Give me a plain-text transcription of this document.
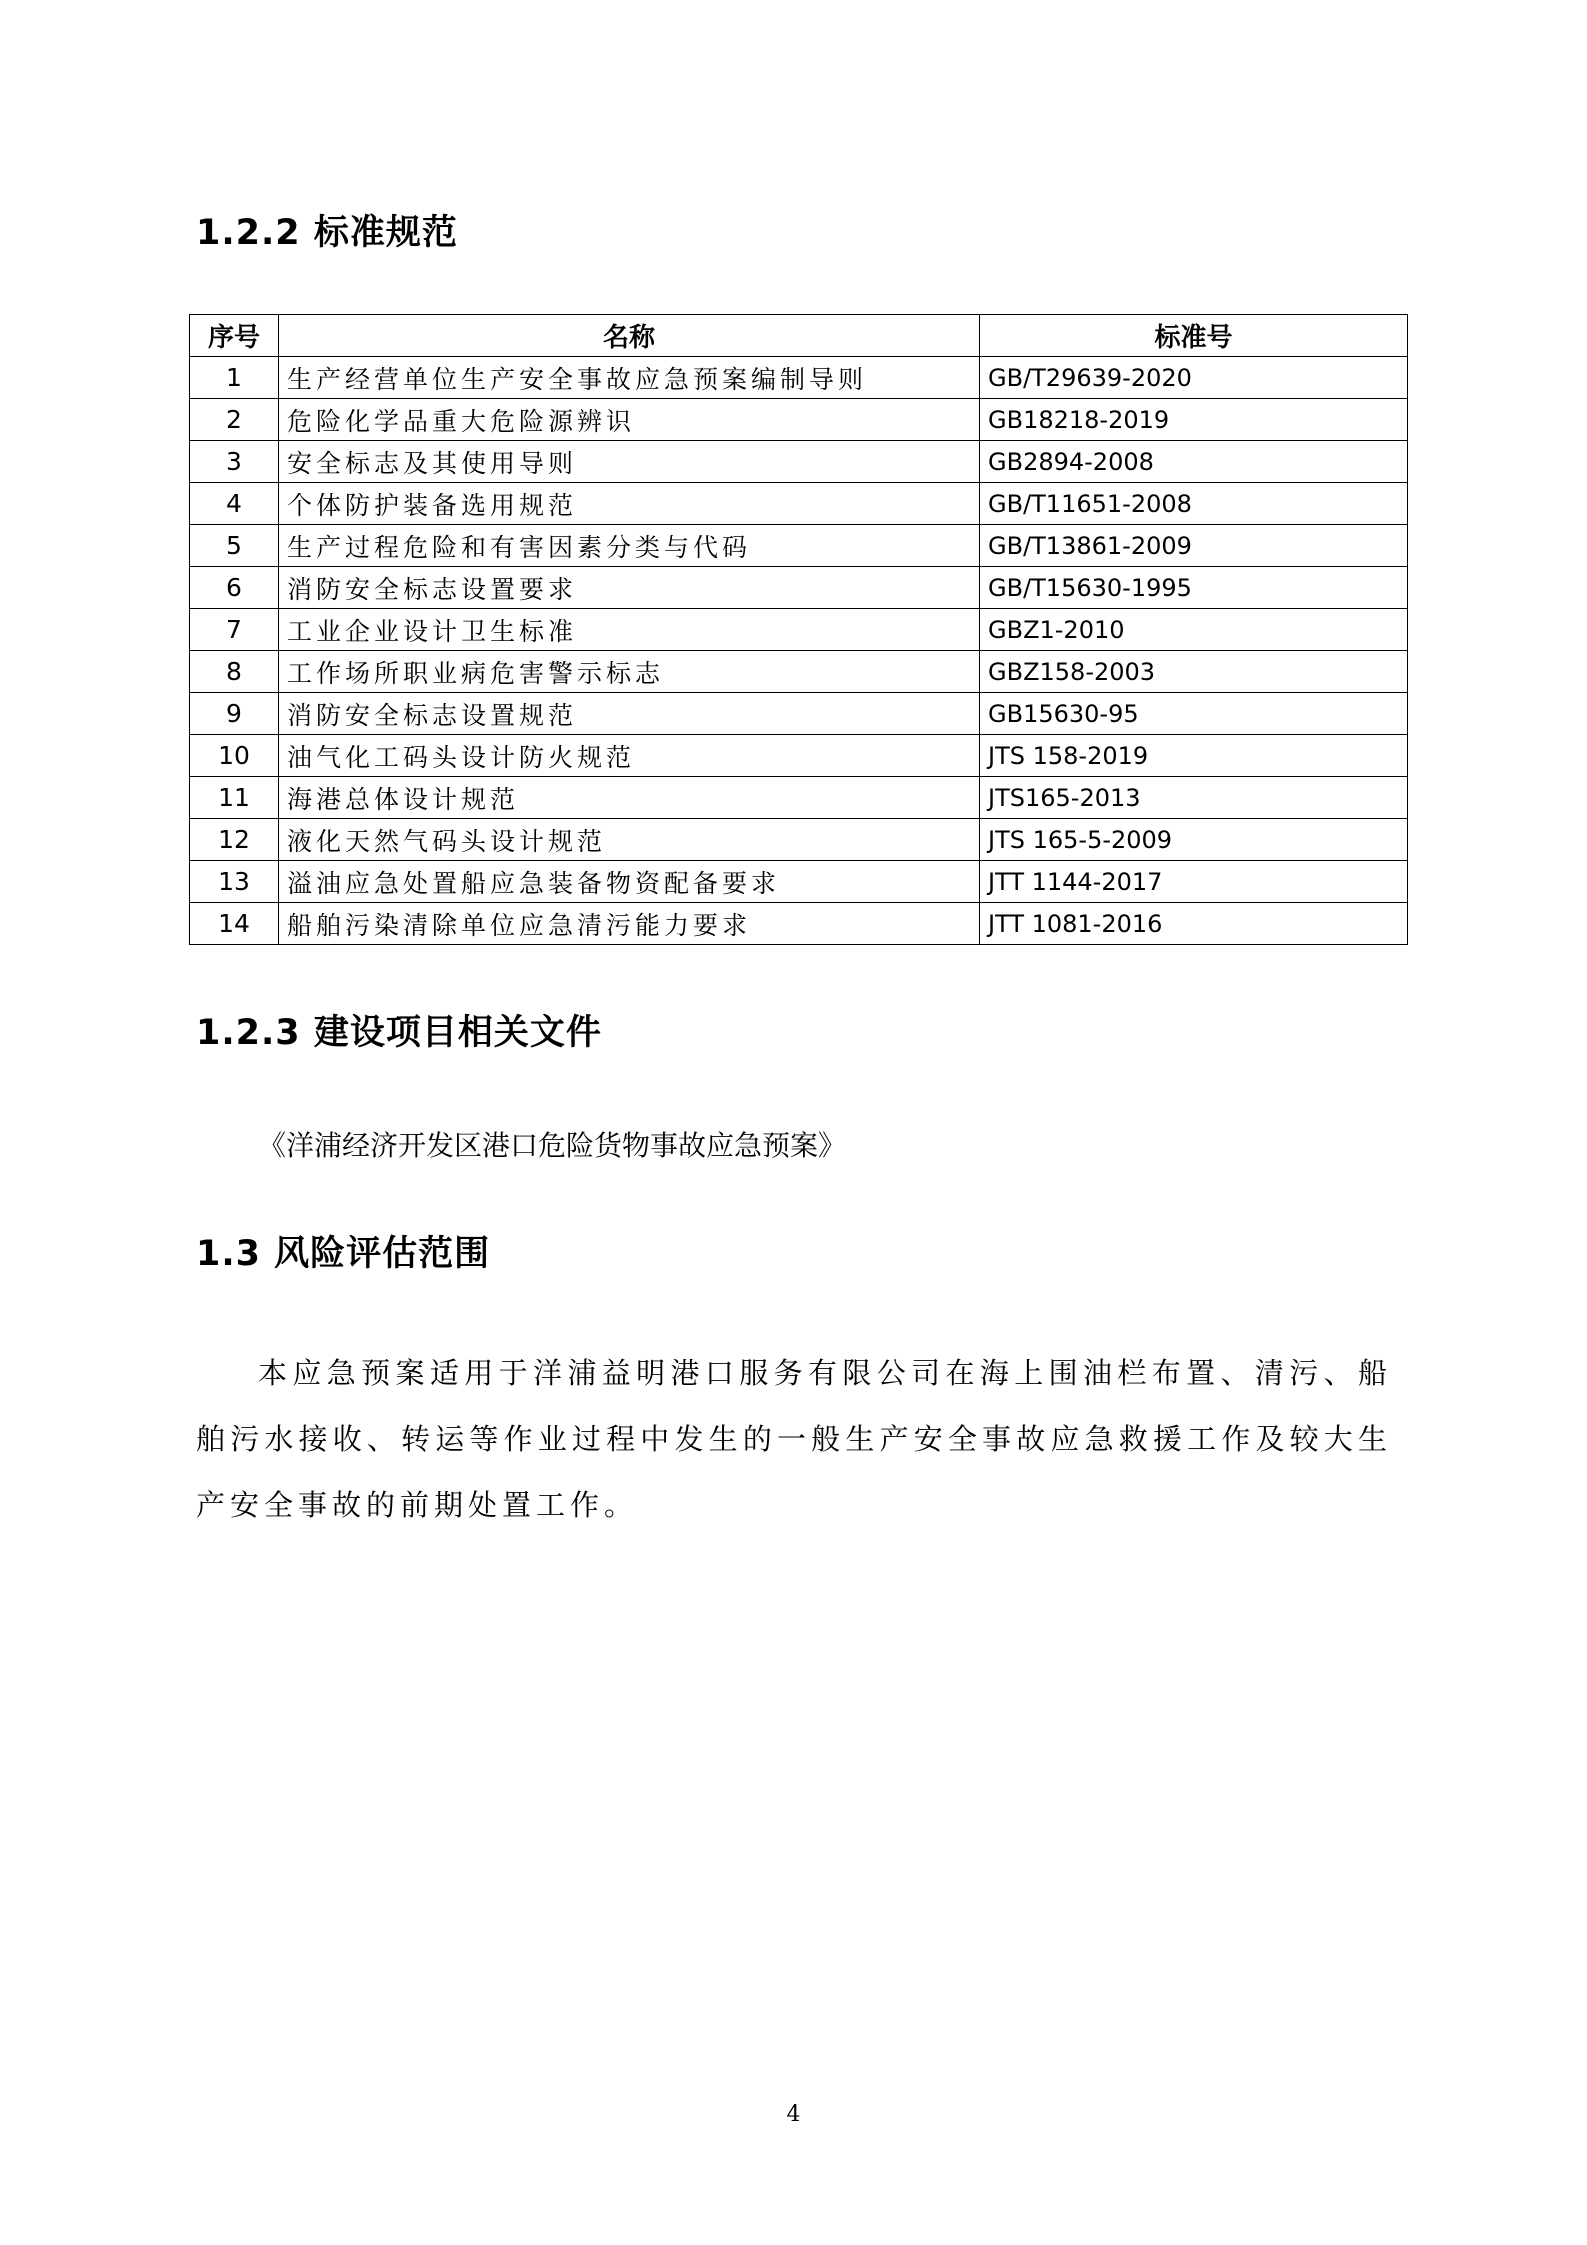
1.2.2 标准规范
序号	名称	标准号
1	生产经营单位生产安全事故应急预案编制导则	GB/T29639-2020
2	危险化学品重大危险源辨识	GB18218-2019
3	安全标志及其使用导则	GB2894-2008
4	个体防护装备选用规范	GB/T11651-2008
5	生产过程危险和有害因素分类与代码	GB/T13861-2009
6	消防安全标志设置要求	GB/T15630-1995
7	工业企业设计卫生标准	GBZ1-2010
8	工作场所职业病危害警示标志	GBZ158-2003
9	消防安全标志设置规范	GB15630-95
10	油气化工码头设计防火规范	JTS 158-2019
11	海港总体设计规范	JTS165-2013
12	液化天然气码头设计规范	JTS 165-5-2009
13	溢油应急处置船应急装备物资配备要求	JTT 1144-2017
14	船舶污染清除单位应急清污能力要求	JTT 1081-2016
1.2.3 建设项目相关文件

《洋浦经济开发区港口危险货物事故应急预案》

1.3 风险评估范围

本应急预案适用于洋浦益明港口服务有限公司在海上围油栏布置、清污、船舶污水接收、转运等作业过程中发生的一般生产安全事故应急救援工作及较大生产安全事故的前期处置工作。

4
